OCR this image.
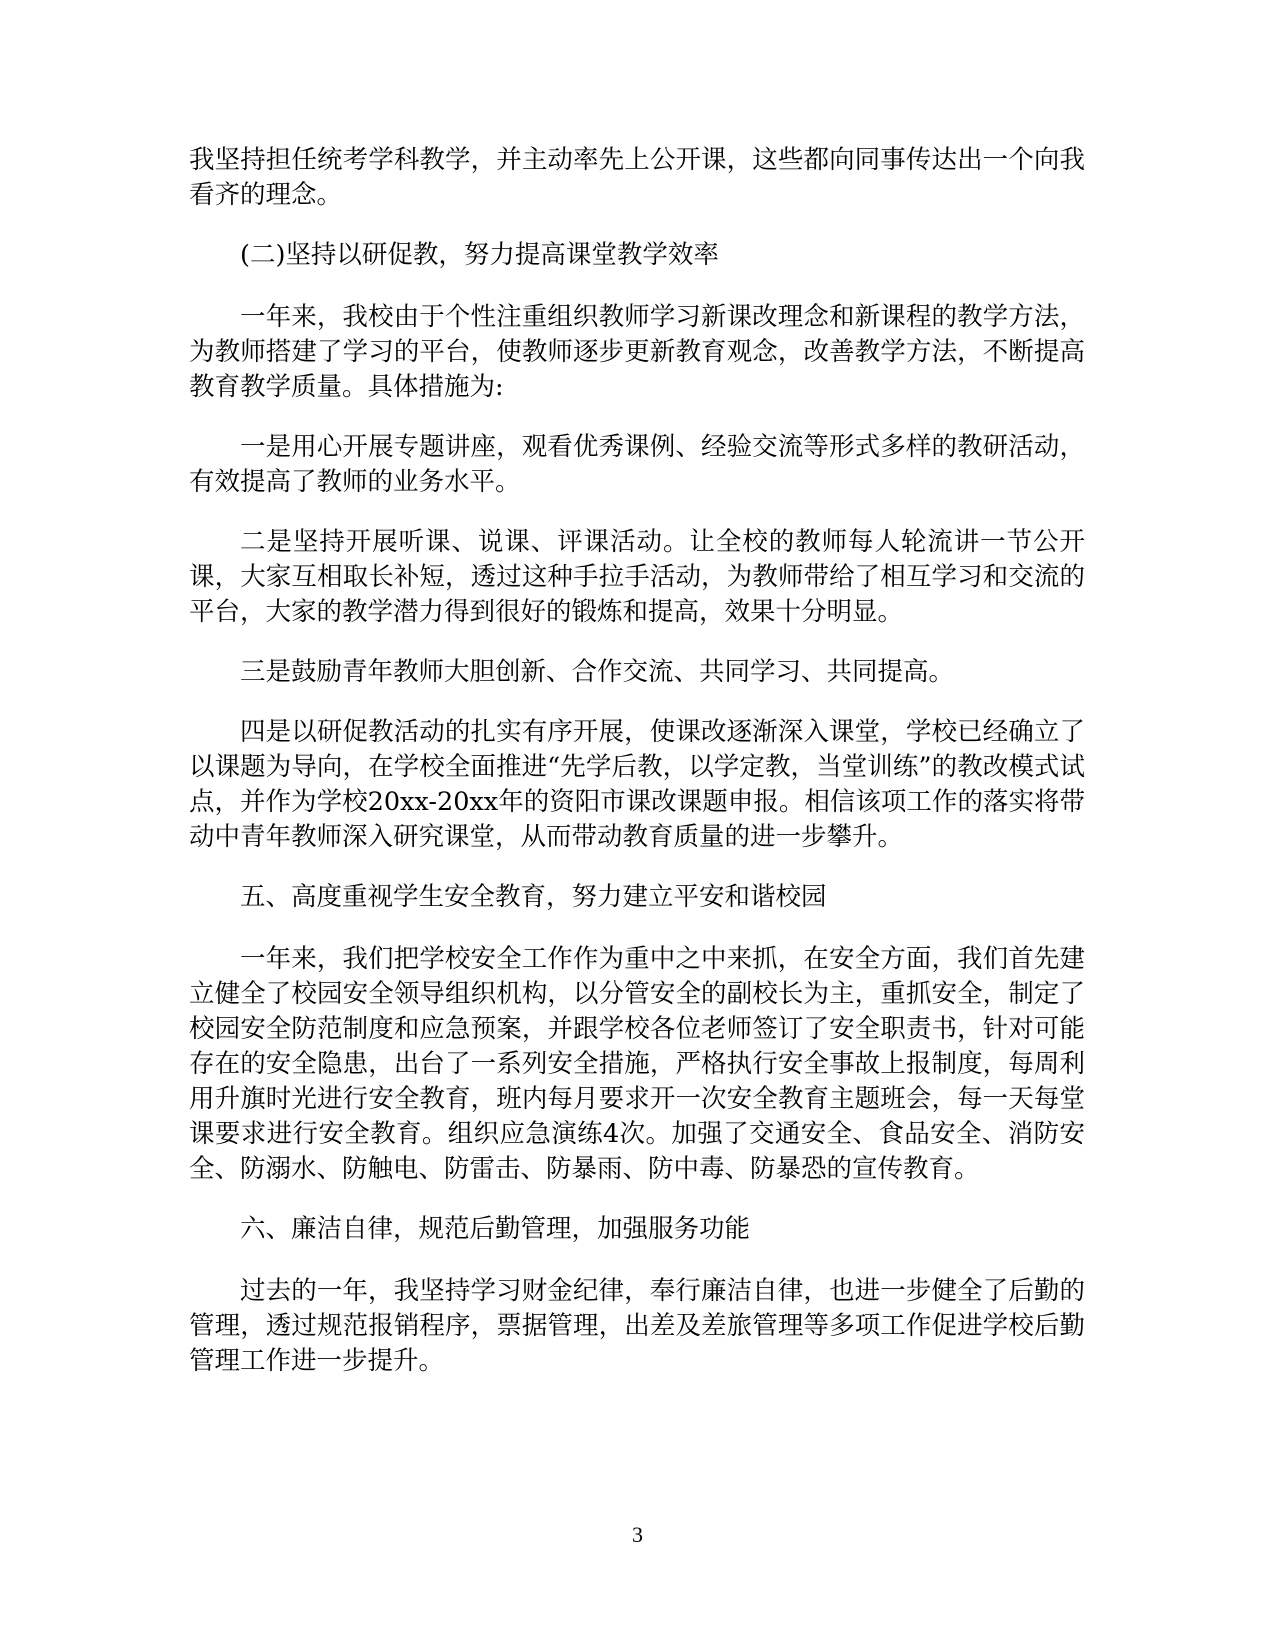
我坚持担任统考学科教学，并主动率先上公开课，这些都向同事传达出一个向我看齐的理念。

(二)坚持以研促教，努力提高课堂教学效率

一年来，我校由于个性注重组织教师学习新课改理念和新课程的教学方法，为教师搭建了学习的平台，使教师逐步更新教育观念，改善教学方法，不断提高教育教学质量。具体措施为:

一是用心开展专题讲座，观看优秀课例、经验交流等形式多样的教研活动，有效提高了教师的业务水平。

二是坚持开展听课、说课、评课活动。让全校的教师每人轮流讲一节公开课，大家互相取长补短，透过这种手拉手活动，为教师带给了相互学习和交流的平台，大家的教学潜力得到很好的锻炼和提高，效果十分明显。

三是鼓励青年教师大胆创新、合作交流、共同学习、共同提高。

四是以研促教活动的扎实有序开展，使课改逐渐深入课堂，学校已经确立了以课题为导向，在学校全面推进“先学后教，以学定教，当堂训练”的教改模式试点，并作为学校20xx-20xx年的资阳市课改课题申报。相信该项工作的落实将带动中青年教师深入研究课堂，从而带动教育质量的进一步攀升。

五、高度重视学生安全教育，努力建立平安和谐校园

一年来，我们把学校安全工作作为重中之中来抓，在安全方面，我们首先建立健全了校园安全领导组织机构，以分管安全的副校长为主，重抓安全，制定了校园安全防范制度和应急预案，并跟学校各位老师签订了安全职责书，针对可能存在的安全隐患，出台了一系列安全措施，严格执行安全事故上报制度，每周利用升旗时光进行安全教育，班内每月要求开一次安全教育主题班会，每一天每堂课要求进行安全教育。组织应急演练4次。加强了交通安全、食品安全、消防安全、防溺水、防触电、防雷击、防暴雨、防中毒、防暴恐的宣传教育。

六、廉洁自律，规范后勤管理，加强服务功能

过去的一年，我坚持学习财金纪律，奉行廉洁自律，也进一步健全了后勤的管理，透过规范报销程序，票据管理，出差及差旅管理等多项工作促进学校后勤管理工作进一步提升。

3
